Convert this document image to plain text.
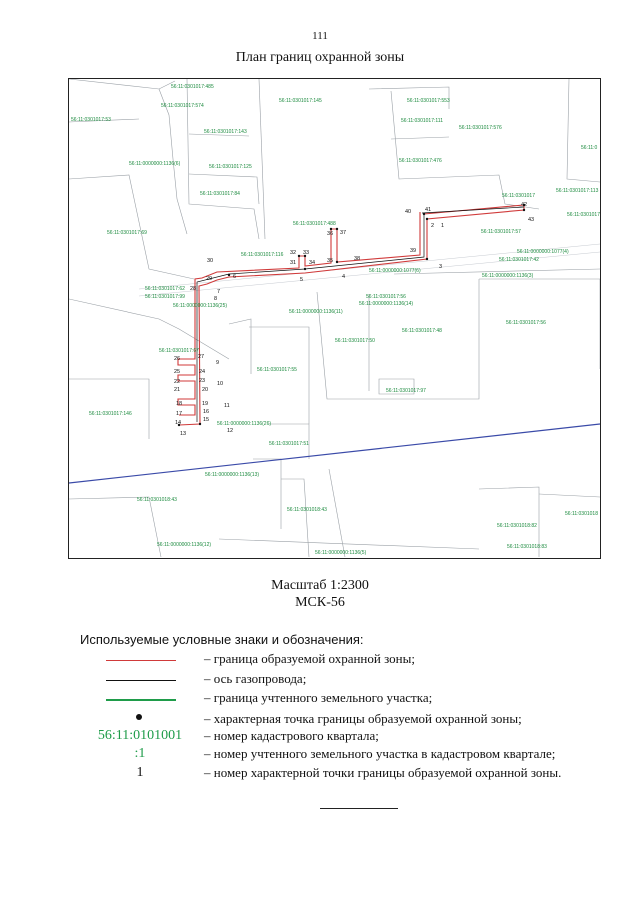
111
План границ охранной зоны
56:11:0301017:145
56:11:0301017:574
56:11:0301017:553
56:11:0301017:53	56:11:0301017:111
56:11:0301017:576
56:11:0301017:143
56:11:0000000:1136(6)	56:11:0301017:125
56:11:0301017:476
56:11:0
56:11:0301017:84	56:11:0301017
56:11:0301017:113
56:11:0301017:69
56:11:0301017:488
56:11:0301017:57
56:11:0301017
56:11:0301017:116	56:11:0000000:1077(4)
56:11:0301017:42
56:11:0000000:1077(6)
56:11:0000000:1136(3)
56:11:0301017:62
56:11:0301017:99	56:11:0301017:56
56:11:0000000:1136(14)
56:11:0000000:1136(25)
56:11:0000000:1136(11)
56:11:0301017:50
56:11:0301017:48
56:11:0301017:56
56:11:0301017:67
56:11:0301017:55
56:11:0301017:97
56:11:0301017:146
56:11:0000000:1136(26)
56:11:0301017:51
56:11:0000000:1136(13)
56:11:0301018:43
56:11:0301018:43
56:11:0301018
56:11:0301018:82
56:11:0000000:1136(12)
56:11:0000000:1136(5)
56:11:0301018:83
56:11:0301017:485
1
2
3
4
5
6
7
8
9
10
11
12
13
14	15
16
17
18	19
20
21
22	23
24
25
26	27
28
29
30	31
32 33
34 35
36 37
38
39
40	41
42
43
Масштаб 1:2300
МСК-56
Используемые условные знаки и обозначения:
– граница образуемой охранной зоны;
– ось газопровода;
– граница учтенного земельного участка;
– характерная точка границы образуемой охранной зоны;
56:11:0101001	– номер кадастрового квартала;
:1	– номер учтенного земельного участка в кадастровом квартале;
1	– номер характерной точки границы образуемой охранной зоны.
